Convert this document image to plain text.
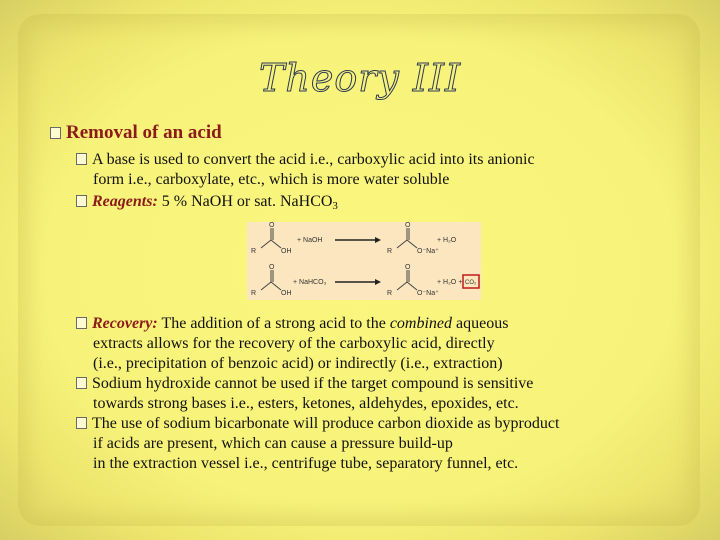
Theory III
Removal of an acid
A base is used to convert the acid i.e., carboxylic acid into its anionic
form i.e., carboxylate, etc., which is more water soluble
Reagents: 5 % NaOH or sat. NaHCO$_3$
O
R	OH
+ NaOH
O
R	O⁻Na⁺
+ H₂O
O
R	OH
+ NaHCO₃
O
R	O⁻Na⁺
+ H₂O + CO₂
Recovery: The addition of a strong acid to the combined aqueous
extracts allows for the recovery of the carboxylic acid, directly
(i.e., precipitation of benzoic acid) or indirectly (i.e., extraction)
Sodium hydroxide cannot be used if the target compound is sensitive
towards strong bases i.e., esters, ketones, aldehydes, epoxides, etc.
The use of sodium bicarbonate will produce carbon dioxide as byproduct
if acids are present, which can cause a pressure build-up
in the extraction vessel i.e., centrifuge tube, separatory funnel, etc.
